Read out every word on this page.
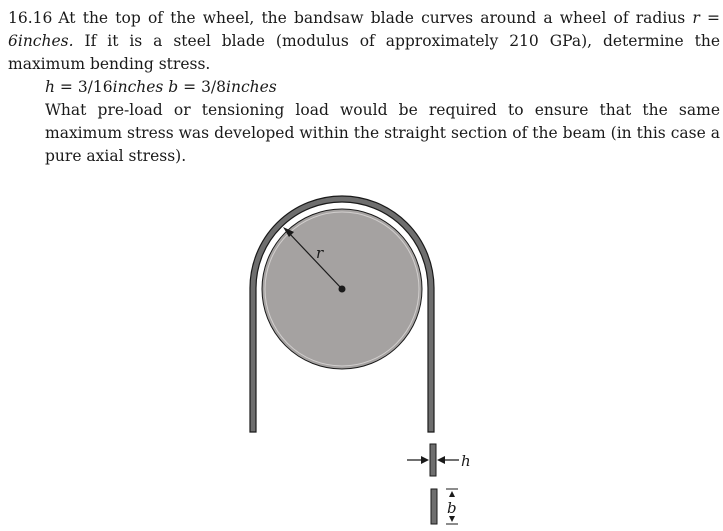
16.16 At the top of the wheel, the bandsaw blade curves around a wheel of radius r = 6inches. If it is a steel blade (modulus of approximately 210 GPa), determine the maximum bending stress.

h = 3/16inches b = 3/8inches

What pre-load or tensioning load would be required to ensure that the same maximum stress was developed within the straight section of the beam (in this case a pure axial stress).

r
h
b
